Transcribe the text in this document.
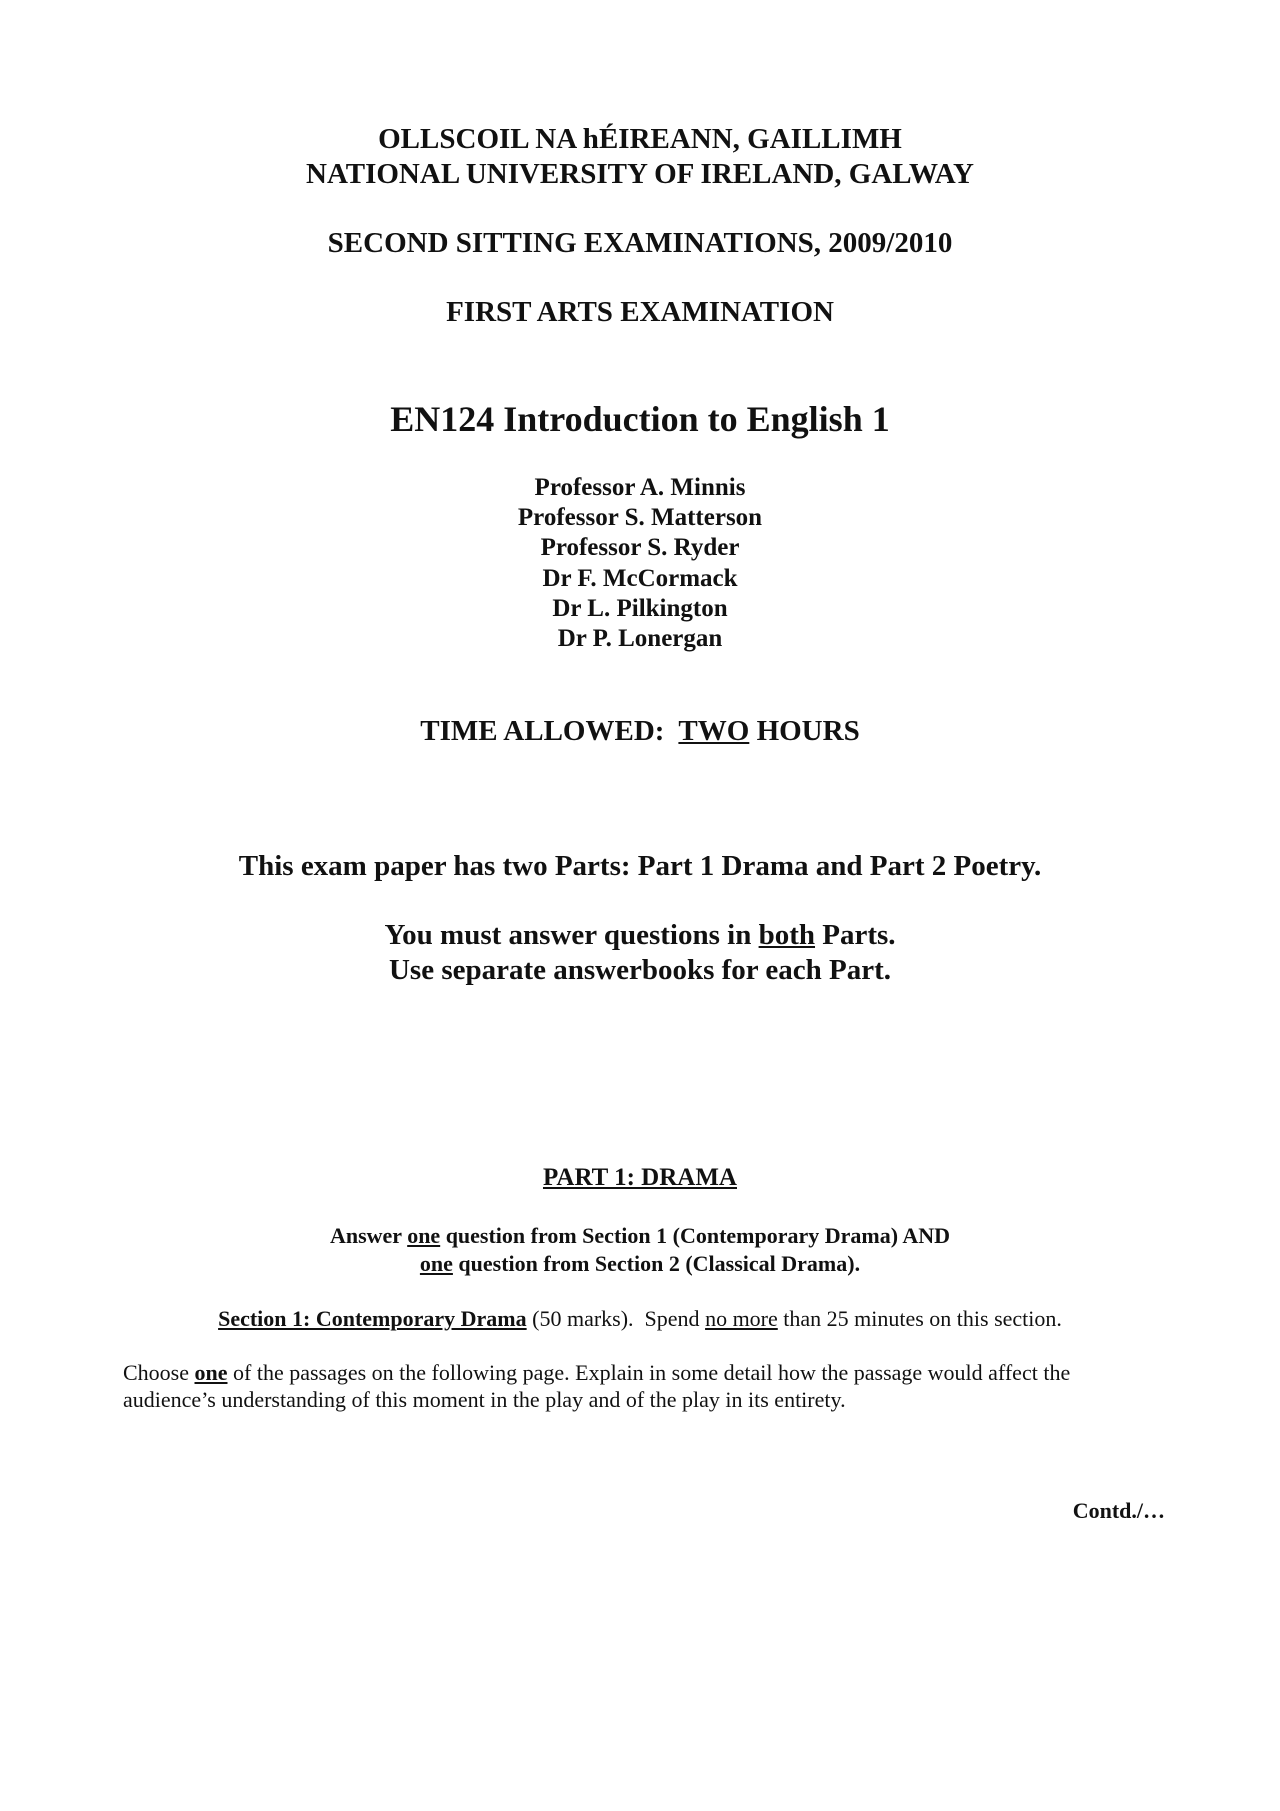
OLLSCOIL NA hÉIREANN, GAILLIMH
NATIONAL UNIVERSITY OF IRELAND, GALWAY
SECOND SITTING EXAMINATIONS, 2009/2010
FIRST ARTS EXAMINATION
EN124 Introduction to English 1
Professor A. Minnis
Professor S. Matterson
Professor S. Ryder
Dr F. McCormack
Dr L. Pilkington
Dr P. Lonergan
TIME ALLOWED:  TWO HOURS
This exam paper has two Parts: Part 1 Drama and Part 2 Poetry.
You must answer questions in both Parts.
Use separate answerbooks for each Part.
PART 1: DRAMA
Answer one question from Section 1 (Contemporary Drama) AND
one question from Section 2 (Classical Drama).
Section 1: Contemporary Drama (50 marks).  Spend no more than 25 minutes on this section.
Choose one of the passages on the following page. Explain in some detail how the passage would affect the
audience’s understanding of this moment in the play and of the play in its entirety.
Contd./…
